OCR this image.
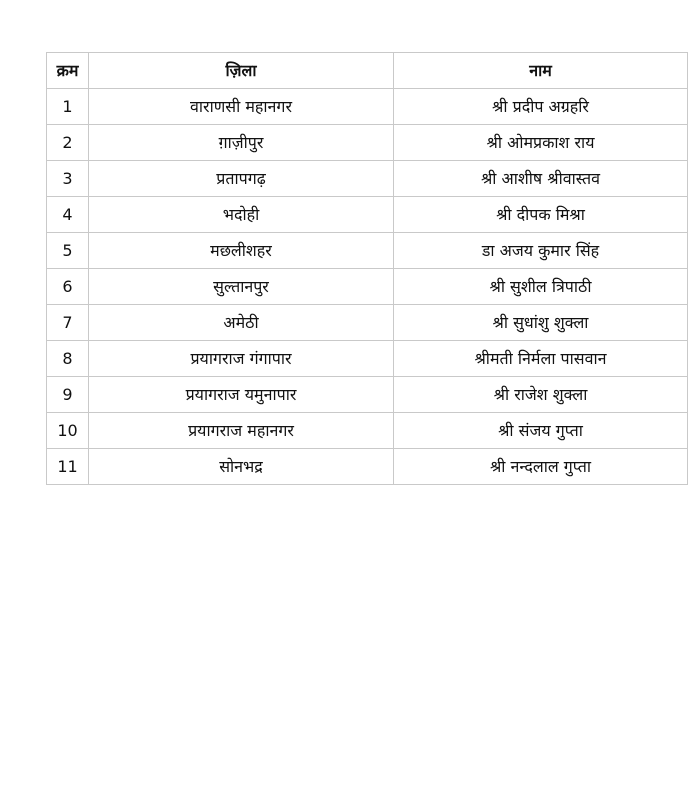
क्रम	ज़िला	नाम
1	वाराणसी महानगर	श्री प्रदीप अग्रहरि
2	ग़ाज़ीपुर	श्री ओमप्रकाश राय
3	प्रतापगढ़	श्री आशीष श्रीवास्तव
4	भदोही	श्री दीपक मिश्रा
5	मछलीशहर	डा अजय कुमार सिंह
6	सुल्तानपुर	श्री सुशील त्रिपाठी
7	अमेठी	श्री सुधांशु शुक्ला
8	प्रयागराज गंगापार	श्रीमती निर्मला पासवान
9	प्रयागराज यमुनापार	श्री राजेश शुक्ला
10	प्रयागराज महानगर	श्री संजय गुप्ता
11	सोनभद्र	श्री नन्दलाल गुप्ता
